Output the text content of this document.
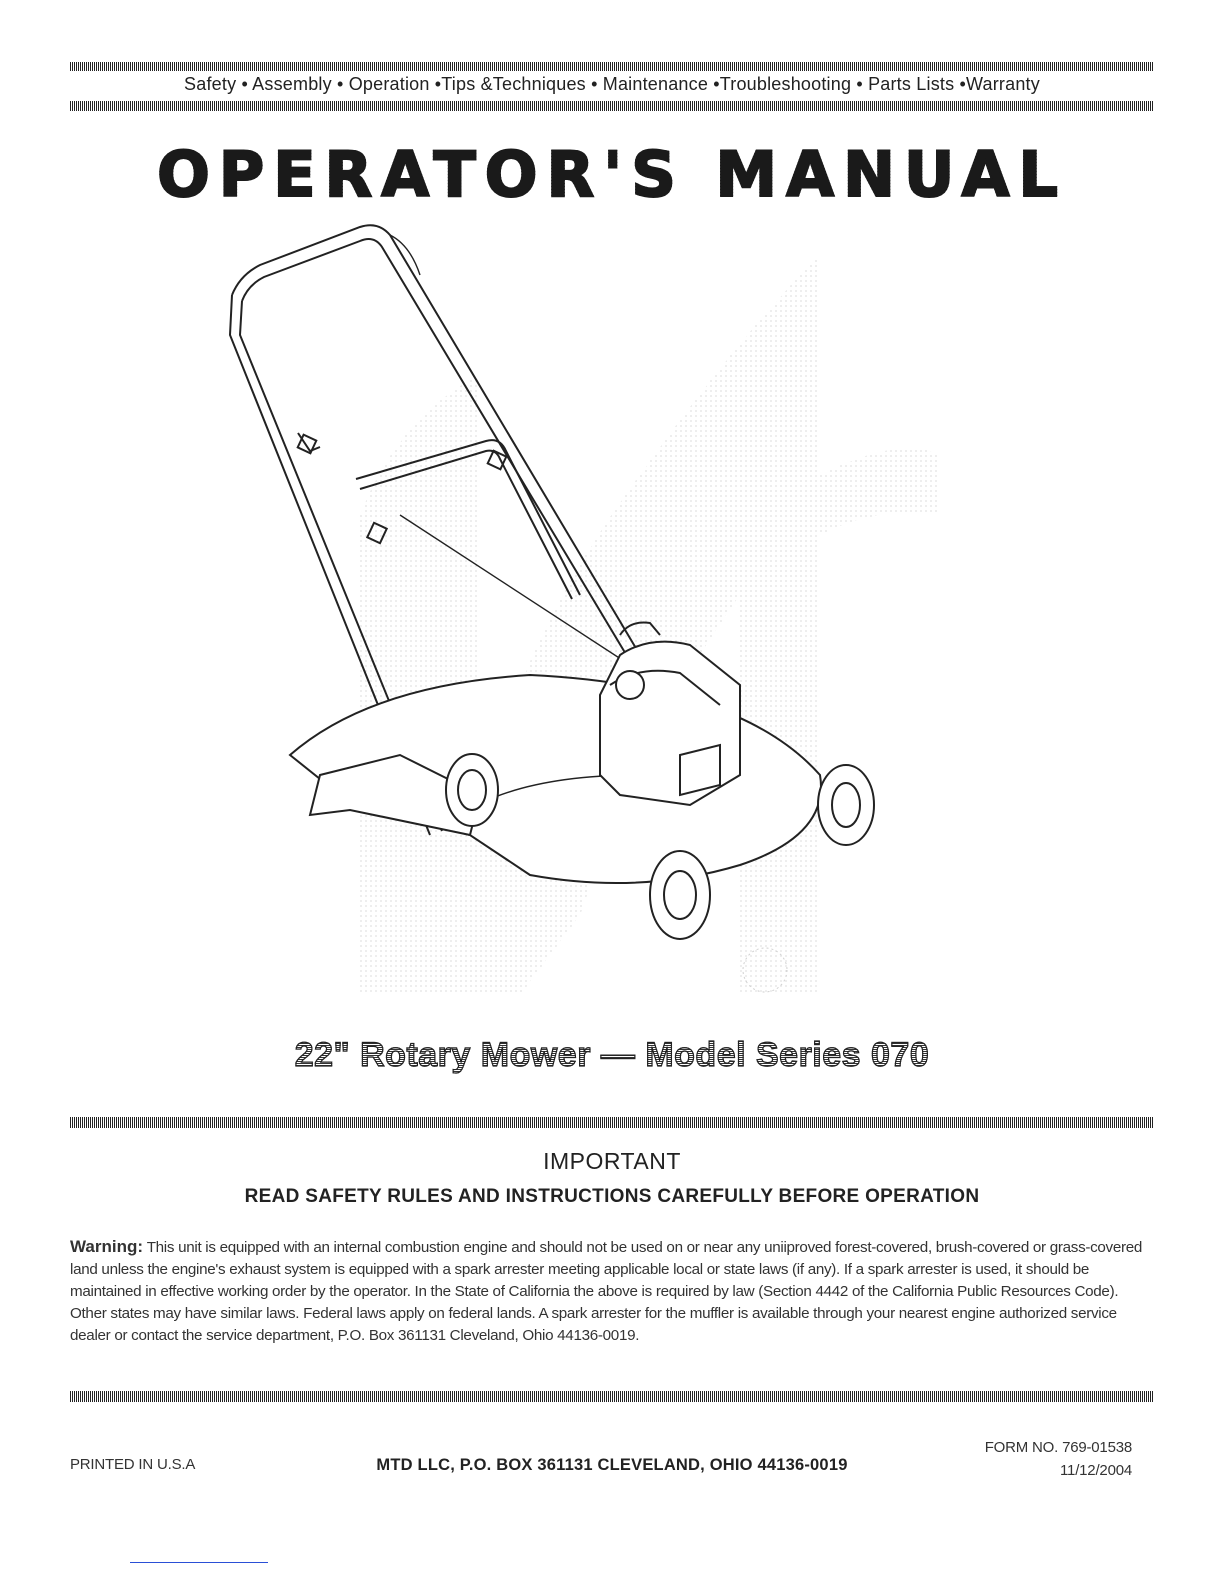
Safety • Assembly • Operation •Tips &Techniques • Maintenance •Troubleshooting • Parts Lists •Warranty
OPERATOR'S MANUAL
22" Rotary Mower — Model Series 070
IMPORTANT
READ SAFETY RULES AND INSTRUCTIONS CAREFULLY BEFORE OPERATION
Warning: This unit is equipped with an internal combustion engine and should not be used on or near any uniiproved forest-covered, brush-covered or grass-covered land unless the engine's exhaust system is equipped with a spark arrester meeting applicable local or state laws (if any). If a spark arrester is used, it should be maintained in effective working order by the operator. In the State of California the above is required by law (Section 4442 of the California Public Resources Code). Other states may have similar laws. Federal laws apply on federal lands. A spark arrester for the muffler is available through your nearest engine authorized service dealer or contact the service department, P.O. Box 361131 Cleveland, Ohio 44136-0019.
PRINTED IN U.S.A	MTD LLC, P.O. BOX 361131 CLEVELAND, OHIO 44136-0019
FORM NO. 769-01538
11/12/2004
